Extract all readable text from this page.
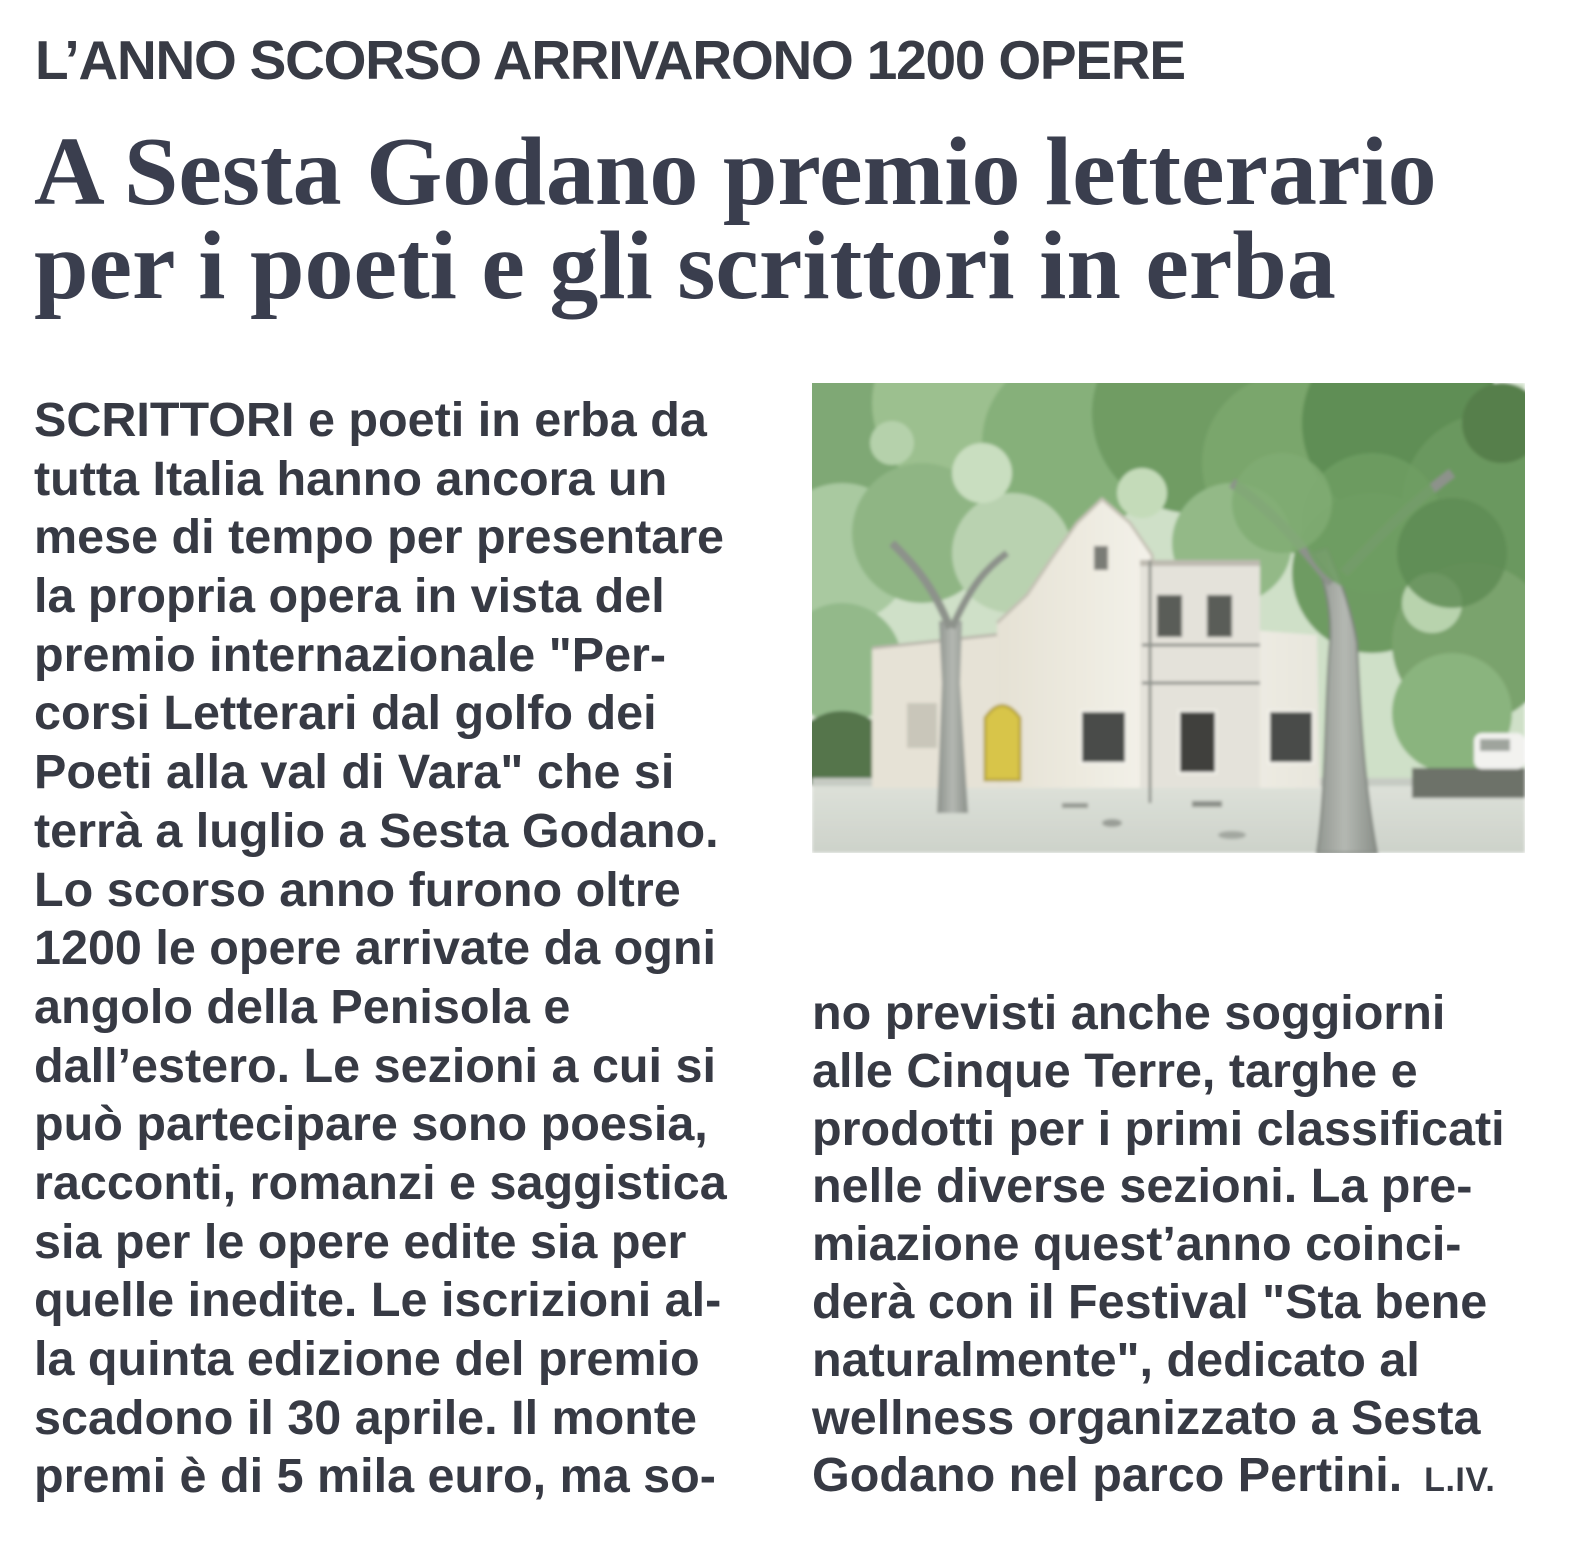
L’ANNO SCORSO ARRIVARONO 1200 OPERE
A Sesta Godano premio letterario
per i poeti e gli scrittori in erba
SCRITTORI e poeti in erba da
tutta Italia hanno ancora un
mese di tempo per presentare
la propria opera in vista del
premio internazionale "Per-
corsi Letterari dal golfo dei
Poeti alla val di Vara" che si
terrà a luglio a Sesta Godano.
Lo scorso anno furono oltre
1200 le opere arrivate da ogni
angolo della Penisola e
dall’estero. Le sezioni a cui si
può partecipare sono poesia,
racconti, romanzi e saggistica
sia per le opere edite sia per
quelle inedite. Le iscrizioni al-
la quinta edizione del premio
scadono il 30 aprile. Il monte
premi è di 5 mila euro, ma so-
no previsti anche soggiorni
alle Cinque Terre, targhe e
prodotti per i primi classificati
nelle diverse sezioni. La pre-
miazione quest’anno coinci-
derà con il Festival "Sta bene
naturalmente", dedicato al
wellness organizzato a Sesta
Godano nel parco Pertini. L.IV.
